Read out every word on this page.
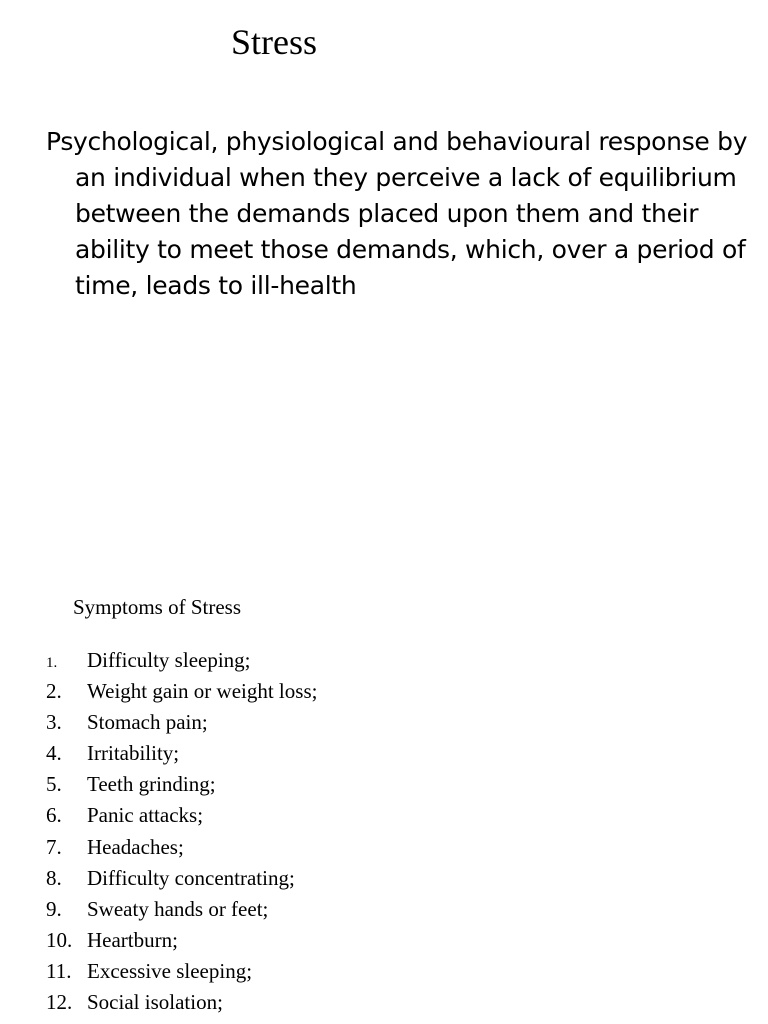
Stress
Psychological, physiological and behavioural response by an individual when they perceive a lack of equilibrium between the demands placed upon them and their ability to meet those demands, which, over a period of time, leads to ill-health
Symptoms of Stress
1. Difficulty sleeping;
2. Weight gain or weight loss;
3. Stomach pain;
4. Irritability;
5. Teeth grinding;
6. Panic attacks;
7. Headaches;
8. Difficulty concentrating;
9. Sweaty hands or feet;
10. Heartburn;
11. Excessive sleeping;
12. Social isolation;
